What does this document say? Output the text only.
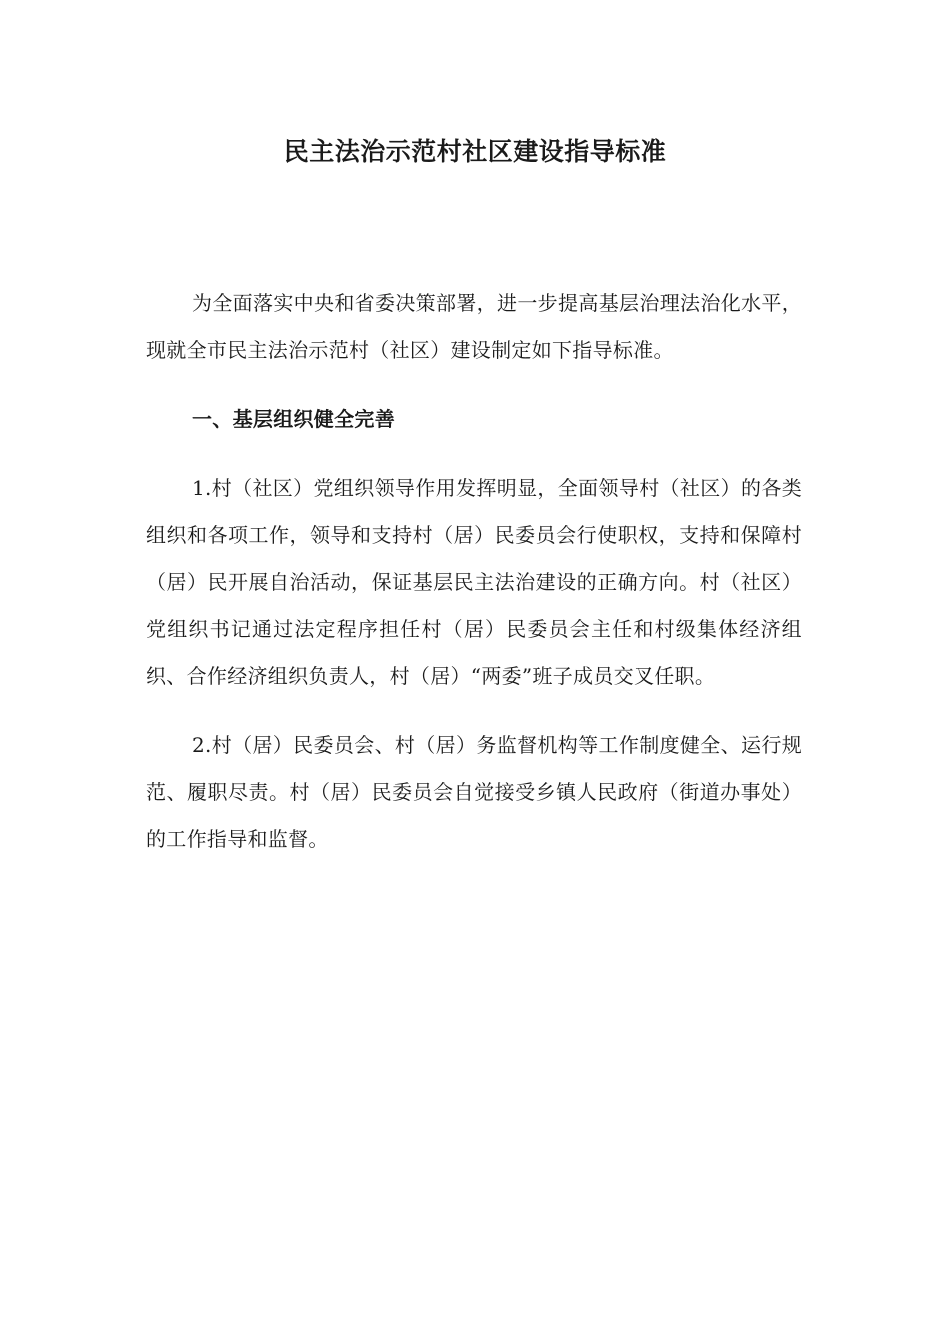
民主法治示范村社区建设指导标准

为全面落实中央和省委决策部署，进一步提高基层治理法治化水平，现就全市民主法治示范村（社区）建设制定如下指导标准。

一、基层组织健全完善

1.村（社区）党组织领导作用发挥明显，全面领导村（社区）的各类组织和各项工作，领导和支持村（居）民委员会行使职权，支持和保障村（居）民开展自治活动，保证基层民主法治建设的正确方向。村（社区）党组织书记通过法定程序担任村（居）民委员会主任和村级集体经济组织、合作经济组织负责人，村（居）“两委”班子成员交叉任职。

2.村（居）民委员会、村（居）务监督机构等工作制度健全、运行规范、履职尽责。村（居）民委员会自觉接受乡镇人民政府（街道办事处）的工作指导和监督。
